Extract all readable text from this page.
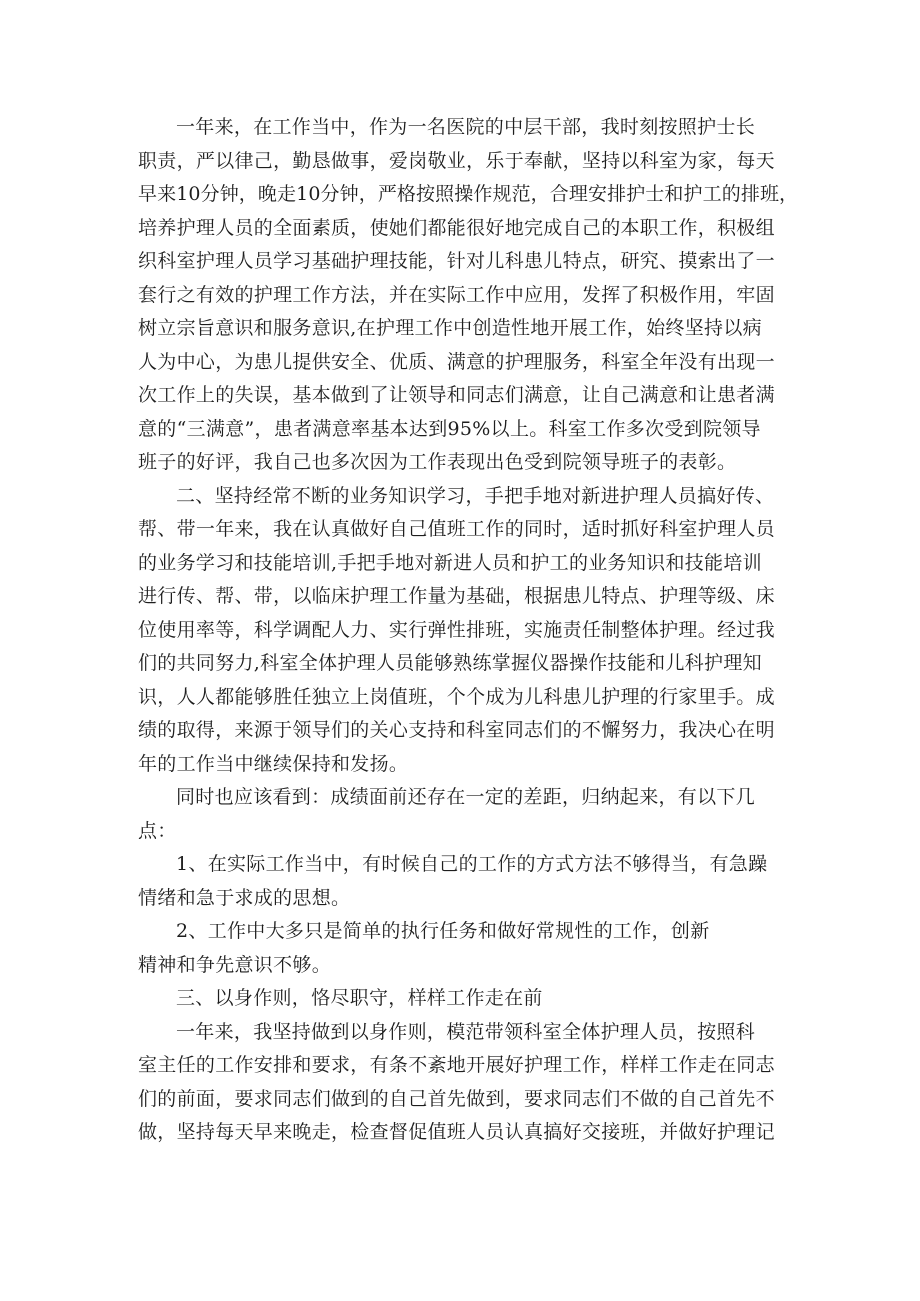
一年来，在工作当中，作为一名医院的中层干部，我时刻按照护士长
职责，严以律己，勤恳做事，爱岗敬业，乐于奉献，坚持以科室为家，每天
早来10分钟，晚走10分钟，严格按照操作规范，合理安排护士和护工的排班，
培养护理人员的全面素质，使她们都能很好地完成自己的本职工作，积极组
织科室护理人员学习基础护理技能，针对儿科患儿特点，研究、摸索出了一
套行之有效的护理工作方法，并在实际工作中应用，发挥了积极作用，牢固
树立宗旨意识和服务意识,在护理工作中创造性地开展工作，始终坚持以病
人为中心，为患儿提供安全、优质、满意的护理服务，科室全年没有出现一
次工作上的失误，基本做到了让领导和同志们满意，让自己满意和让患者满
意的“三满意”，患者满意率基本达到95%以上。科室工作多次受到院领导
班子的好评，我自己也多次因为工作表现出色受到院领导班子的表彰。
二、坚持经常不断的业务知识学习，手把手地对新进护理人员搞好传、
帮、带一年来，我在认真做好自己值班工作的同时，适时抓好科室护理人员
的业务学习和技能培训,手把手地对新进人员和护工的业务知识和技能培训
进行传、帮、带，以临床护理工作量为基础，根据患儿特点、护理等级、床
位使用率等，科学调配人力、实行弹性排班，实施责任制整体护理。经过我
们的共同努力,科室全体护理人员能够熟练掌握仪器操作技能和儿科护理知
识，人人都能够胜任独立上岗值班，个个成为儿科患儿护理的行家里手。成
绩的取得，来源于领导们的关心支持和科室同志们的不懈努力，我决心在明
年的工作当中继续保持和发扬。
同时也应该看到：成绩面前还存在一定的差距，归纳起来，有以下几
点：
1、在实际工作当中，有时候自己的工作的方式方法不够得当，有急躁
情绪和急于求成的思想。
2、工作中大多只是简单的执行任务和做好常规性的工作，创新
精神和争先意识不够。
三、以身作则，恪尽职守，样样工作走在前
一年来，我坚持做到以身作则，模范带领科室全体护理人员，按照科
室主任的工作安排和要求，有条不紊地开展好护理工作，样样工作走在同志
们的前面，要求同志们做到的自己首先做到，要求同志们不做的自己首先不
做，坚持每天早来晚走，检查督促值班人员认真搞好交接班，并做好护理记
